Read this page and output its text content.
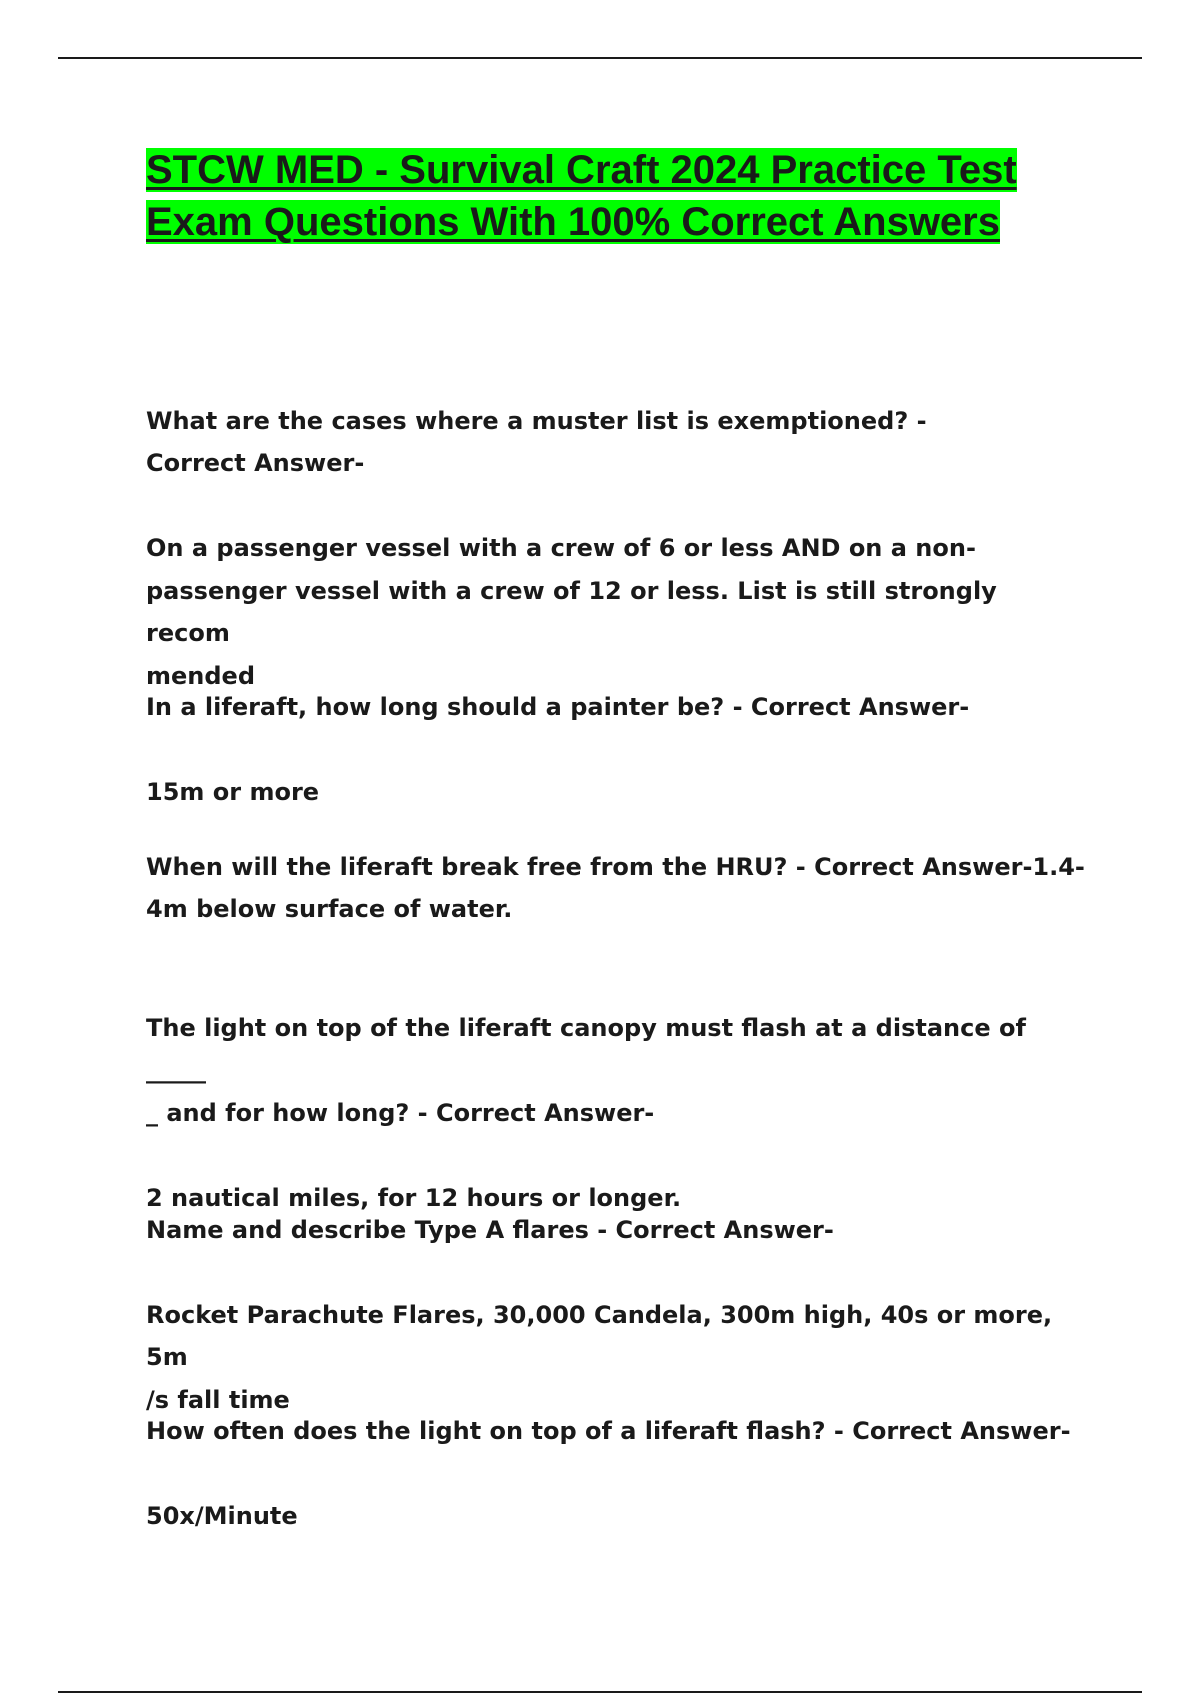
STCW MED - Survival Craft 2024 Practice Test Exam Questions With 100% Correct Answers

What are the cases where a muster list is exemptioned? -
Correct Answer-

On a passenger vessel with a crew of 6 or less AND on a non-
passenger vessel with a crew of 12 or less. List is still strongly recom
mended

In a liferaft, how long should a painter be? - Correct Answer-

15m or more

When will the liferaft break free from the HRU? - Correct Answer-1.4-
4m below surface of water.

The light on top of the liferaft canopy must flash at a distance of _____
_ and for how long? - Correct Answer-

2 nautical miles, for 12 hours or longer.

Name and describe Type A flares - Correct Answer-

Rocket Parachute Flares, 30,000 Candela, 300m high, 40s or more, 5m
/s fall time

How often does the light on top of a liferaft flash? - Correct Answer-

50x/Minute
